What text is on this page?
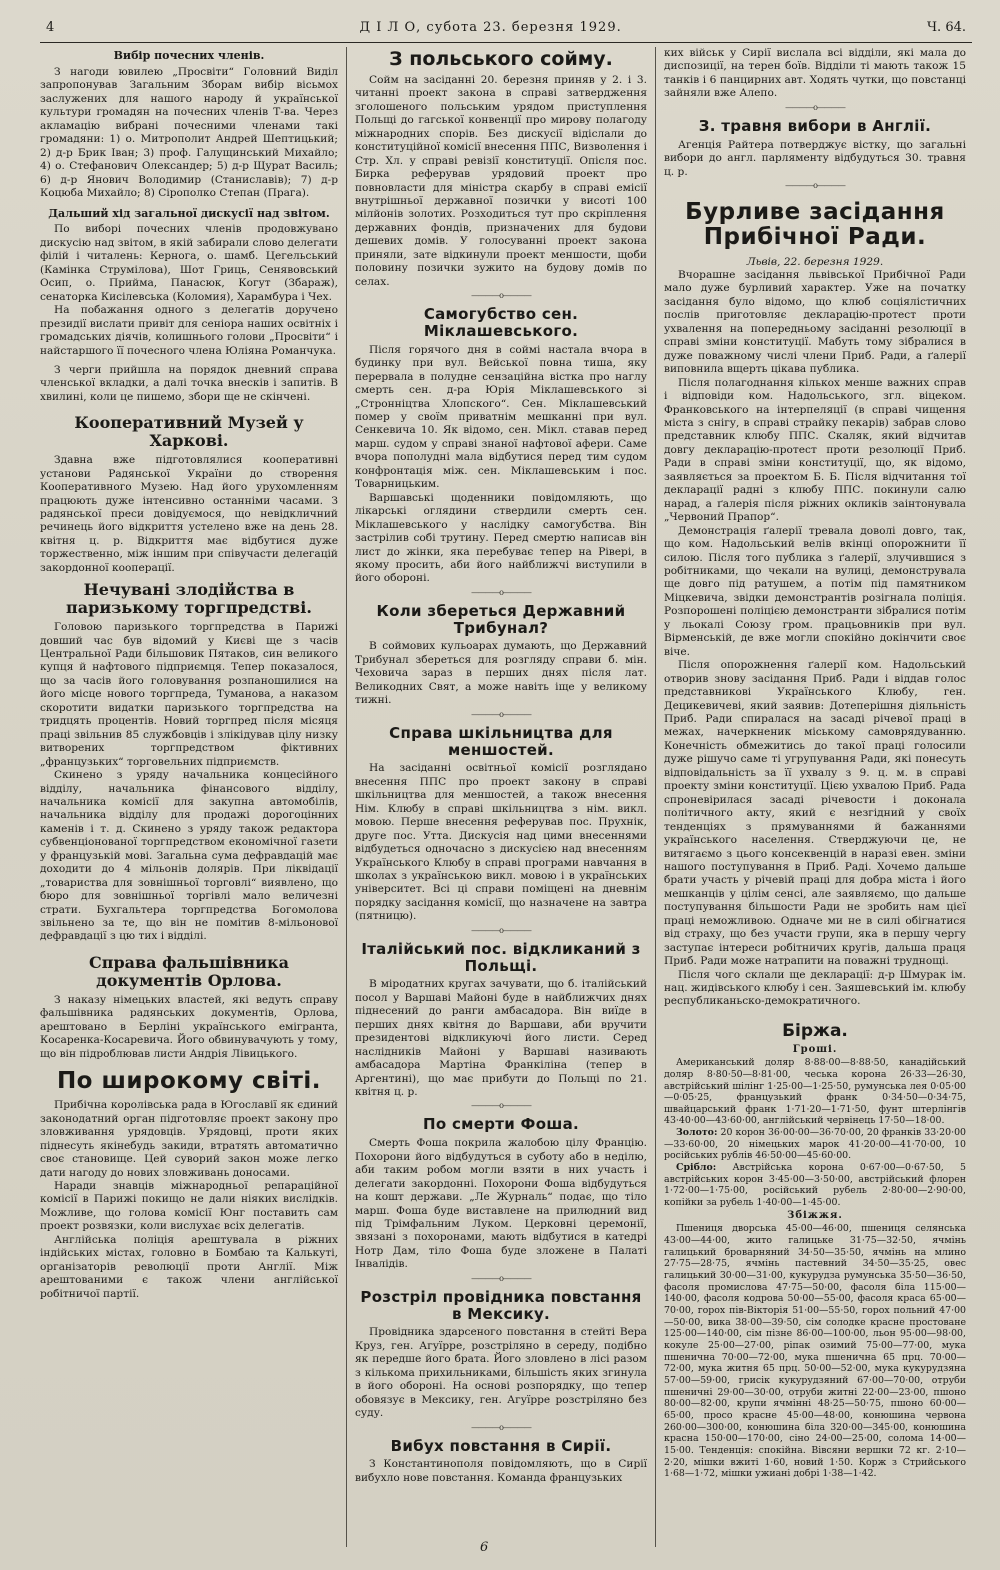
4	Д І Л О, субота 23. березня 1929.	Ч. 64.
Вибір почесних членів.

З нагоди ювилею „Просвіти“ Головний Виділ запропонував Загальним Зборам вибір вісьмох заслужених для нашого народу й української культури громадян на почесних членів Т-ва. Через акламацію вибрані почесними членами такі громадяни: 1) о. Митрополит Андрей Шептицький; 2) д-р Брик Іван; 3) проф. Галущинський Михайло; 4) о. Стефанович Олександер; 5) д-р Щурат Василь; 6) д-р Янович Володимир (Станиславів); 7) д-р Коцюба Михайло; 8) Сірополко Степан (Прага).

Дальший хід загальної дискусії над звітом.

По виборі почесних членів продовжувано дискусію над звітом, в якій забирали слово делегати філій і читалень: Кернога, о. шамб. Цегельський (Камінка Струмілова), Шот Гриць, Сенявовський Осип, о. Прийма, Панасюк, Когут (Збараж), сенаторка Кисілевська (Коломия), Харамбура і Чех.

На побажання одного з делегатів доручено президії вислати привіт для сеніора наших освітніх і громадських діячів, колишнього голови „Просвіти“ і найстаршого її почесного члена Юліяна Романчука.

З черги прийшла на порядок дневний справа членської вкладки, а далі точка внесків і запитів. В хвилині, коли це пишемо, збори ще не скінчені.

Кооперативний Музей у Харкові.

Здавна вже підготовлялися кооперативні установи Радянської України до створення Кооперативного Музею. Над його урухомленням працюють дуже інтенсивно останніми часами. З радянської преси довідуємося, що невідкличний речинець його відкриття устелено вже на день 28. квітня ц. р. Відкриття має відбутися дуже торжественно, між іншим при співучасти делегацій закордонної кооперації.

Нечувані злодійства в паризькому торгпредстві.

Головою паризького торгпредства в Парижі довший час був відомий у Києві ще з часів Центральної Ради більшовик Пятаков, син великого купця й нафтового підприємця. Тепер показалося, що за часів його головування розпаношилися на його місце нового торгпреда, Туманова, а наказом скоротити видатки паризького торгпредства на тридцять процентів. Новий торгпред після місяця праці звільнив 85 службовців і злікідував цілу низку витворених торгпредством фіктивних „французьких“ торговельних підприємств.

Скинено з уряду начальника концесійного відділу, начальника фінансового відділу, начальника комісії для закупна автомобілів, начальника відділу для продажі дорогоцінних каменів і т. д. Скинено з уряду також редактора субвенціонованої торгпредством економічної газети у французькій мові. Загальна сума дефравдацій має доходити до 4 мільонів долярів. При ліквідації „товариства для зовнішньої торговлі“ виявлено, що бюро для зовнішньої торгівлі мало величезні страти. Бухгальтера торгпредства Богомолова звільнено за те, що він не помітив 8-мільонової дефравдації з цю тих і відділі.

Справа фальшівника документів Орлова.

З наказу німецьких властей, які ведуть справу фальшівника радянських документів, Орлова, арештовано в Берліні українського емігранта, Косаренка-Косаревича. Його обвинувачують у тому, що він підроблював листи Андрія Лівицького.

По широкому світі.

Прибічна королівська рада в Югославії як єдиний законодатний орган підготовляє проект закону про зловживання урядовців. Урядовці, проти яких піднесуть якінебудь закиди, втратять автоматично своє становище. Цей суворий закон може легко дати нагоду до нових зловживань доносами.

Наради знавців міжнародньої репараційної комісії в Парижі покищо не дали ніяких вислідків. Можливе, що голова комісії Юнг поставить сам проект розвязки, коли вислухає всіх делегатів.

Англійська поліція арештувала в ріжних індійських містах, головно в Бомбаю та Калькуті, організаторів революції проти Англії. Між арештованими є також члени англійської робітничої партії.

З польського сойму.

Сойм на засіданні 20. березня приняв у 2. і 3. читанні проект закона в справі затвердження зголошеного польським урядом приступлення Польщі до гагської конвенції про мирову полагоду міжнародних спорів. Без дискусії відіслали до конституційної комісії внесення ППС, Визволення і Стр. Хл. у справі ревізії конституції. Опісля пос. Бирка реферував урядовий проект про повновласти для міністра скарбу в справі емісії внутрішньої державної позички у висоті 100 мілйонів золотих. Розходиться тут про скріплення державних фондів, призначених для будови дешевих домів. У голосуванні проект закона приняли, зате відкинули проект меншости, щоби половину позички зужито на будову домів по селах.

————o————
Самогубство сен. Міклашевського.

Після горячого дня в соймі настала вчора в будинку при вул. Вейської повна тиша, яку перервала в полудне сензаційна вістка про наглу смерть сен. д-ра Юрія Міклашевського зі „Стронніцтва Хлопского“. Сен. Міклашевський помер у своїм приватнім мешканні при вул. Сенкевича 10. Як відомо, сен. Мікл. ставав перед марш. судом у справі знаної нафтової афери. Саме вчора пополудні мала відбутися перед тим судом конфронтація між. сен. Міклашевським і пос. Товарницьким.

Варшавські щоденники повідомляють, що лікарські оглядини ствердили смерть сен. Міклашевського у наслідку самогубства. Він застрілив собі трутину. Перед смертю написав він лист до жінки, яка перебуває тепер на Рівері, в якому просить, аби його найближчі виступили в його обороні.

————o————
Коли збереться Державний Трибунал?

В соймових кульоарах думають, що Державний Трибунал збереться для розгляду справи б. мін. Чеховича зараз в перших днях після лат. Великодних Свят, а може навіть іще у великому тижні.

————o————
Справа шкільництва для меншостей.

На засіданні освітньої комісії розглядано внесення ППС про проект закону в справі шкільництва для меншостей, а також внесення Нім. Клюбу в справі шкільництва з нім. викл. мовою. Перше внесення реферував пос. Прухнік, друге пос. Утта. Дискусія над цими внесеннями відбудеться одночасно з дискусією над внесенням Українського Клюбу в справі програми навчання в школах з українською викл. мовою і в українських університет. Всі ці справи поміщені на дневнім порядку засідання комісії, що назначене на завтра (пятницю).

————o————
Італійський пос. відкликаний з Польщі.

В міродатних кругах зачувати, що б. італійський посол у Варшаві Майоні буде в найближчих днях піднесений до ранги амбасадора. Він виїде в перших днях квітня до Варшави, аби вручити президентові відкликуючі його листи. Серед наслідників Майоні у Варшаві називають амбасадора Мартіна Франкіліна (тепер в Аргентині), що має прибути до Польщі по 21. квітня ц. р.

————o————
По смерти Фоша.

Смерть Фоша покрила жалобою цілу Францію. Похорони його відбудуться в суботу або в неділю, аби таким робом могли взяти в них участь і делегати закордонні. Похорони Фоша відбудуться на кошт держави. „Ле Журналь“ подає, що тіло марш. Фоша буде виставлене на прилюдний вид під Трімфальним Луком. Церковні церемонії, звязані з похоронами, мають відбутися в катедрі Нотр Дам, тіло Фоша буде зложене в Палаті Інвалідів.

————o————
Розстріл провідника повстання в Мексику.

Провідника здарсеного повстання в стейті Вера Круз, ген. Агуїрре, розстріляно в середу, подібно як передше його брата. Його зловлено в лісі разом з кількома прихильниками, більшість яких згинула в його обороні. На основі розпорядку, що тепер обовязує в Мексику, ген. Агуїрре розстріляно без суду.

————o————
Вибух повстання в Сирії.

З Константинополя повідомляють, що в Сирії вибухло нове повстання. Команда французьких

ких військ у Сирії вислала всі відділи, які мала до диспозиції, на терен боїв. Відділи ті мають також 15 танків і 6 панцирних авт. Ходять чутки, що повстанці зайняли вже Алепо.

————o————
З. травня вибори в Англії.

Агенція Райтера потверджує вістку, що загальні вибори до англ. парляменту відбудуться 30. травня ц. р.

————o————
Бурливе засідання Прибічної Ради.
Львів, 22. березня 1929.

Вчорашне засідання львівської Прибічної Ради мало дуже бурливий характер. Уже на початку засідання було відомо, що клюб соціялістичних послів приготовляє декларацію-протест проти ухвалення на попередньому засіданні резолюції в справі зміни конституції. Мабуть тому зібралися в дуже поважному числі члени Приб. Ради, а ґалерії виповнила вщерть цікава публика.

Після полагоднання кількох менше важних справ і відповіди ком. Надольського, згл. віцеком. Франковського на інтерпеляції (в справі чищення міста з снігу, в справі страйку пекарів) забрав слово представник клюбу ППС. Скаляк, який відчитав довгу декларацію-протест проти резолюції Приб. Ради в справі зміни конституції, що, як відомо, заявляється за проектом Б. Б. Після відчитання тої декларації радні з клюбу ППС. покинули салю нарад, а ґалерія після ріжних окликів заінтонувала „Червоний Прапор“.

Демонстрація ґалерії тревала доволі довго, так, що ком. Надольський велів вкінці опорожнити її силою. Після того публика з ґалерії, злучившися з робітниками, що чекали на вулиці, демонструвала ще довго під ратушем, а потім під памятником Міцкевича, звідки демонстрантів розігнала поліція. Розпорошені поліцією демонстранти зібралися потім у льокалі Союзу гром. працьовників при вул. Вірменській, де вже могли спокійно докінчити своє віче.

Після опорожнення ґалерії ком. Надольський отворив знову засідання Приб. Ради і віддав голос представникові Українського Клюбу, ген. Децикевичеві, який заявив: Дотеперішня діяльність Приб. Ради спиралася на засаді річевої праці в межах, начеркненик міському самоврядуванню. Конечність обмежитись до такої праці голосили дуже рішучо саме ті угрупування Ради, які понесуть відповідальність за її ухвалу з 9. ц. м. в справі проекту зміни конституції. Цією ухвалою Приб. Рада спроневірилася засаді річевости і доконала політичного акту, який є незгідний у своїх тенденціях з прямуваннями й бажаннями українського населення. Стверджуючи це, не витягаємо з цього консеквенцій в наразі евен. зміни нашого поступування в Приб. Раді. Хочемо дальше брати участь у річевій праці для добра міста і його мешканців у цілім сенсі, але заявляємо, що дальше поступування більшости Ради не зробить нам цієї праці неможливою. Одначе ми не в силі обігнатися від страху, що без участи групи, яка в першу чергу заступає інтереси робітничих кругів, дальша праця Приб. Ради може натрапити на поважні труднощі.

Після чого склали ще декларації: д-р Шмурак ім. нац. жидівського клюбу і сен. Заяшевський ім. клюбу республиканьско-демократичного.

Біржа.
Гроші.

Американський доляр 8·88·00—8·88·50, канадійський доляр 8·80·50—8·81·00, чеська корона 26·33—26·30, австрійський шілінг 1·25·00—1·25·50, румунська лея 0·05·00—0·05·25, французький франк 0·34·50—0·34·75, швайцарський франк 1·71·20—1·71·50, фунт штерлінгів 43·40·00—43·60·00, англійський червінець 17·50—18·00.

Золото: 20 корон 36·00·00—36·70·00, 20 франків 33·20·00—33·60·00, 20 німецьких марок 41·20·00—41·70·00, 10 російських рублів 46·50·00—45·60·00.

Срібло: Австрійська корона 0·67·00—0·67·50, 5 австрійських корон 3·45·00—3·50·00, австрійський флорен 1·72·00—1·75·00, російський рубель 2·80·00—2·90·00, копійки за рубель 1·40·00—1·45·00.

Збіжжя.

Пшениця дворська 45·00—46·00, пшениця селянська 43·00—44·00, жито галицьке 31·75—32·50, ячмінь галицький броварняний 34·50—35·50, ячмінь на млино 27·75—28·75, ячмінь пастевний 34·50—35·25, овес галицький 30·00—31·00, кукурудза румунська 35·50—36·50, фасоля промислова 47·75—50·00, фасоля біла 115·00—140·00, фасоля кодрова 50·00—55·00, фасоля краса 65·00—70·00, горох пів-Вікторія 51·00—55·50, горох польний 47·00—50·00, вика 38·00—39·50, сім солодке красне простоване 125·00—140·00, сім пізне 86·00—100·00, льон 95·00—98·00, кокуле 25·00—27·00, ріпак озимий 75·00—77·00, мука пшенична 70·00—72·00, мука пшенична 65 прц. 70·00—72·00, мука житня 65 прц. 50·00—52·00, мука кукурудзяна 57·00—59·00, грисік кукурудзяний 67·00—70·00, отруби пшеничні 29·00—30·00, отруби житні 22·00—23·00, пшоно 80·00—82·00, крупи ячмінні 48·25—50·75, пшоно 60·00—65·00, просо красне 45·00—48·00, конюшина червона 260·00—300·00, конюшина біла 320·00—345·00, конюшина красна 150·00—170·00, сіно 24·00—25·00, солома 14·00—15·00. Тенденція: спокійна. Вівсяни вершки 72 кг. 2·10—2·20, мішки вжиті 1·60, новий 1·50. Корж з Стрийського 1·68—1·72, мішки ужиані добрі 1·38—1·42.

6
